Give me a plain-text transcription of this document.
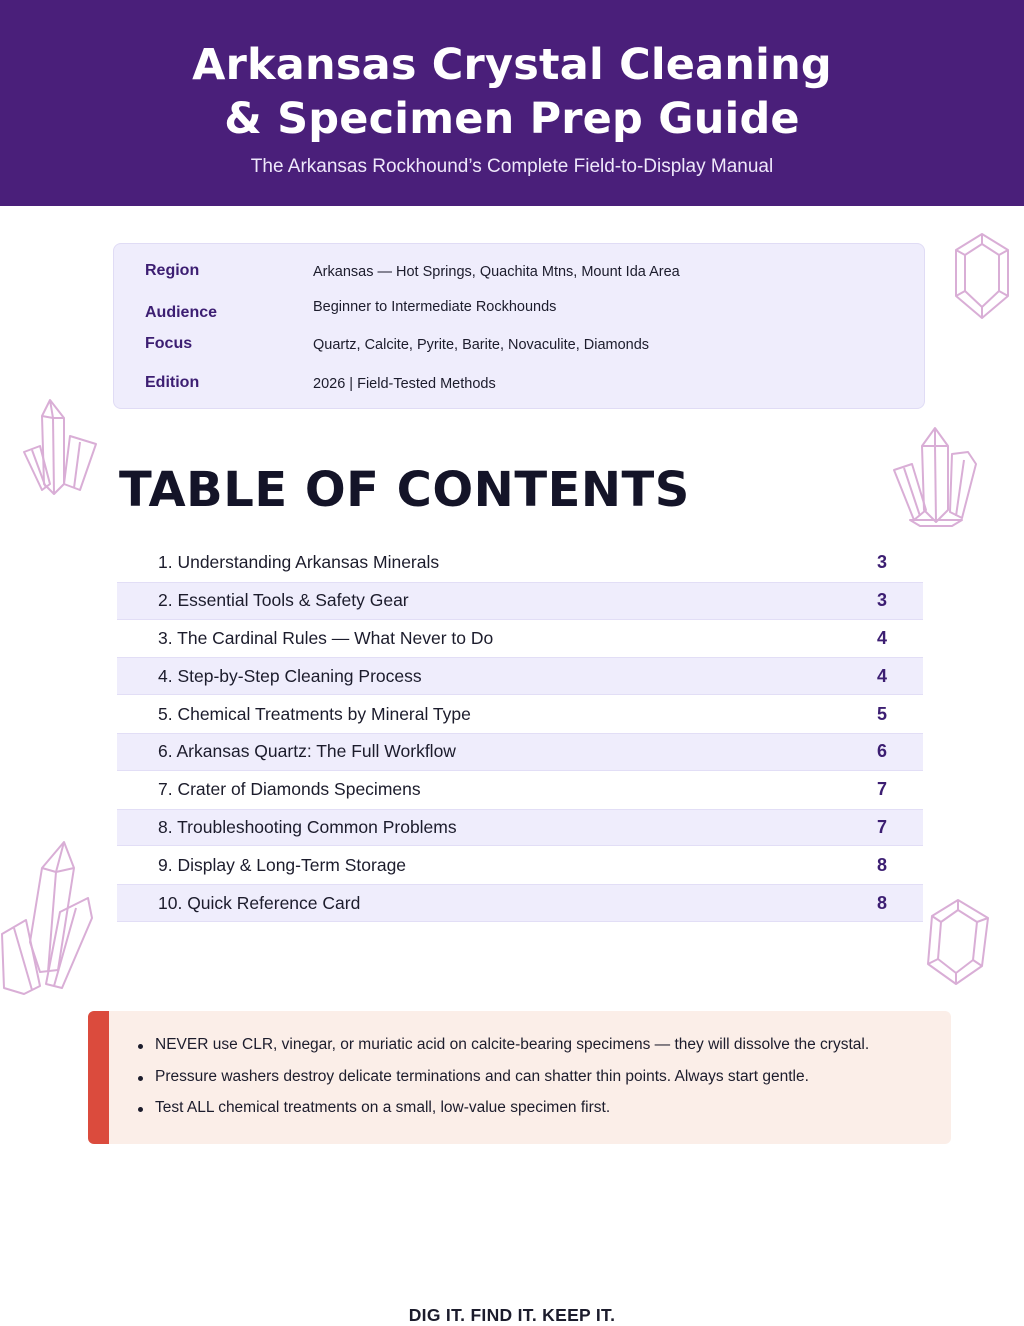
Arkansas Crystal Cleaning
& Specimen Prep Guide
The Arkansas Rockhound’s Complete Field-to-Display Manual
Region	Arkansas — Hot Springs, Quachita Mtns, Mount Ida Area
Audience	Beginner to Intermediate Rockhounds
Focus	Quartz, Calcite, Pyrite, Barite, Novaculite, Diamonds
Edition	2026 | Field-Tested Methods
TABLE OF CONTENTS
1. Understanding Arkansas Minerals	3
2. Essential Tools & Safety Gear	3
3. The Cardinal Rules — What Never to Do	4
4. Step-by-Step Cleaning Process	4
5. Chemical Treatments by Mineral Type	5
6. Arkansas Quartz: The Full Workflow	6
7. Crater of Diamonds Specimens	7
8. Troubleshooting Common Problems	7
9. Display & Long-Term Storage	8
10. Quick Reference Card	8
NEVER use CLR, vinegar, or muriatic acid on calcite-bearing specimens — they will dissolve the crystal.
Pressure washers destroy delicate terminations and can shatter thin points. Always start gentle.
Test ALL chemical treatments on a small, low-value specimen first.
DIG IT. FIND IT. KEEP IT.
